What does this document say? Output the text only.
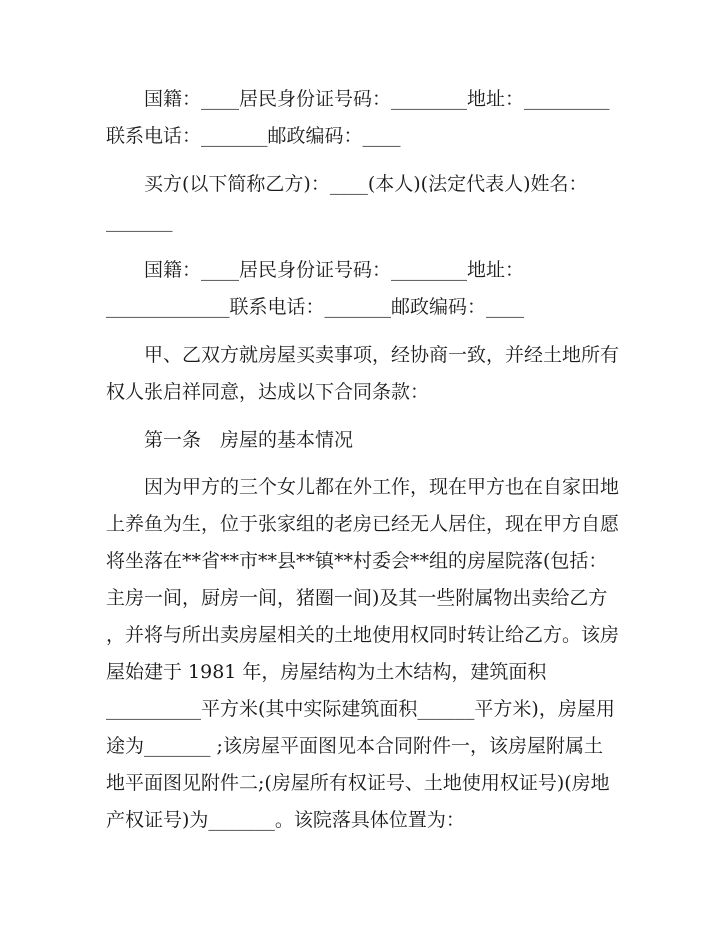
国籍：____居民身份证号码：________地址：_________
联系电话：_______邮政编码：____
买方(以下简称乙方)：____(本人)(法定代表人)姓名：
_______
国籍：____居民身份证号码：________地址：
_____________联系电话：_______邮政编码：____
甲、乙双方就房屋买卖事项，经协商一致，并经土地所有
权人张启祥同意，达成以下合同条款：
第一条　房屋的基本情况
因为甲方的三个女儿都在外工作，现在甲方也在自家田地
上养鱼为生，位于张家组的老房已经无人居住，现在甲方自愿
将坐落在**省**市**县**镇**村委会**组的房屋院落(包括：
主房一间，厨房一间，猪圈一间)及其一些附属物出卖给乙方
，并将与所出卖房屋相关的土地使用权同时转让给乙方。该房
屋始建于 1981 年，房屋结构为土木结构，建筑面积
__________平方米(其中实际建筑面积______平方米)，房屋用
途为_______ ;该房屋平面图见本合同附件一，该房屋附属土
地平面图见附件二;(房屋所有权证号、土地使用权证号)(房地
产权证号)为_______。该院落具体位置为：
